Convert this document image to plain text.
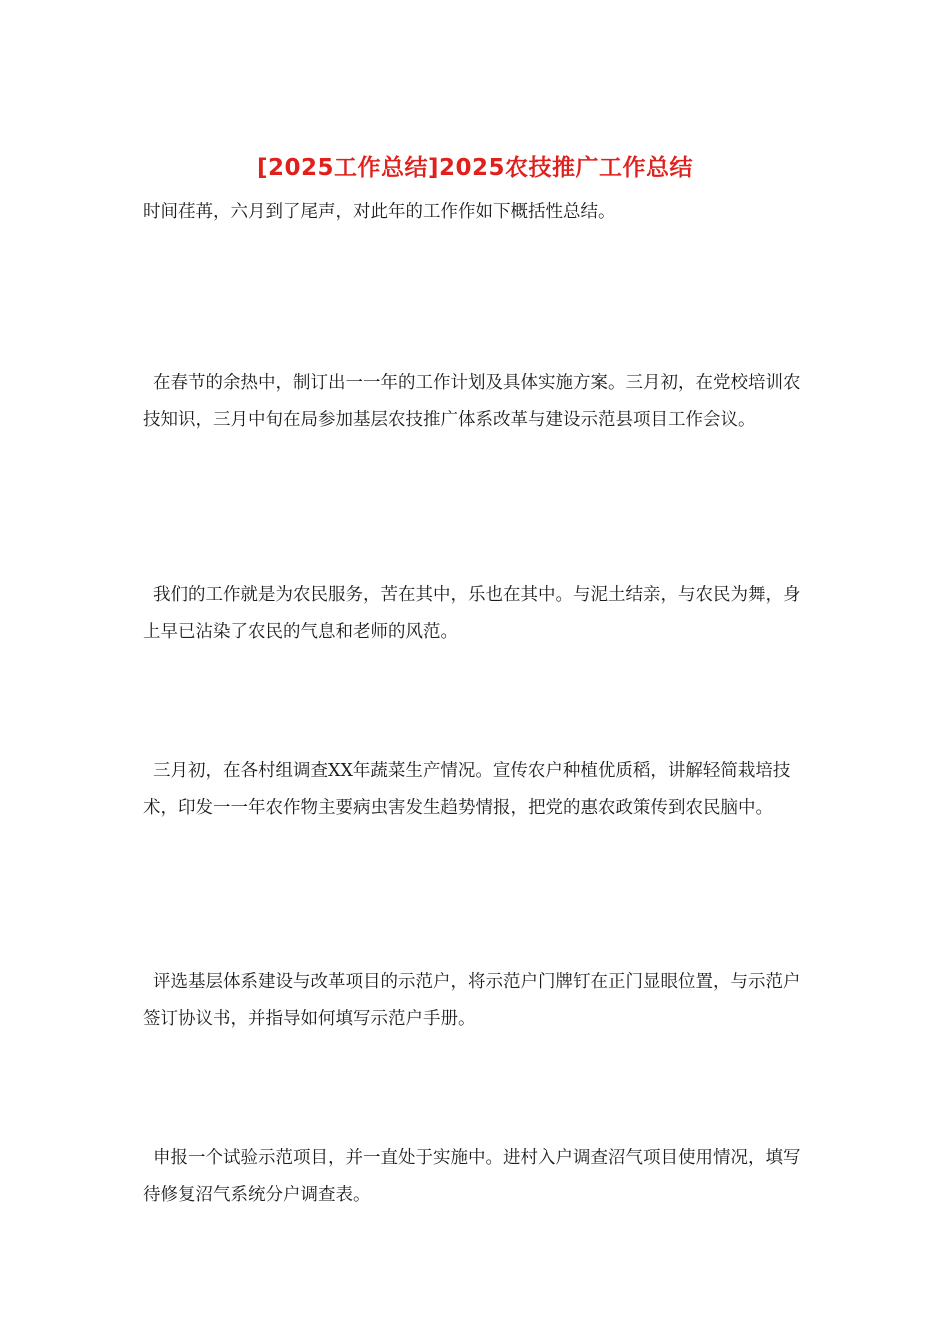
[2025工作总结]2025农技推广工作总结

时间荏苒，六月到了尾声，对此年的工作作如下概括性总结。

在春节的余热中，制订出一一年的工作计划及具体实施方案。三月初，在党校培训农技知识，三月中旬在局参加基层农技推广体系改革与建设示范县项目工作会议。

我们的工作就是为农民服务，苦在其中，乐也在其中。与泥土结亲，与农民为舞，身上早已沾染了农民的气息和老师的风范。

三月初，在各村组调查XX年蔬菜生产情况。宣传农户种植优质稻，讲解轻简栽培技术，印发一一年农作物主要病虫害发生趋势情报，把党的惠农政策传到农民脑中。

评选基层体系建设与改革项目的示范户，将示范户门牌钉在正门显眼位置，与示范户签订协议书，并指导如何填写示范户手册。

申报一个试验示范项目，并一直处于实施中。进村入户调查沼气项目使用情况，填写待修复沼气系统分户调查表。
